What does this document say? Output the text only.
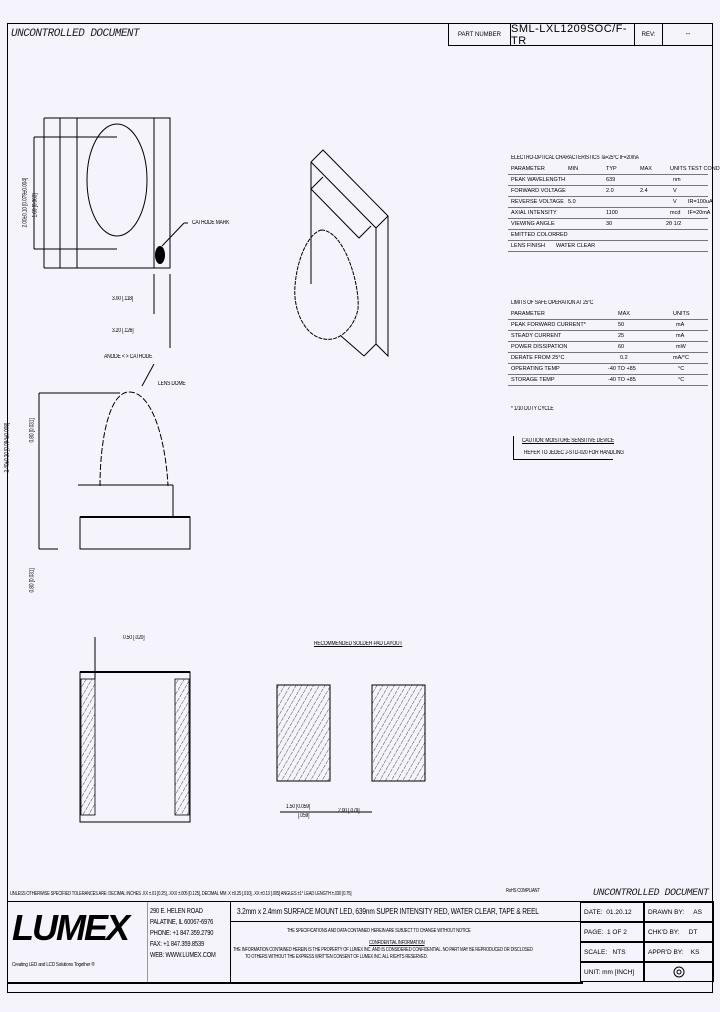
UNCONTROLLED DOCUMENT	PART NUMBER SML-LXL1209SOC/F-TR	REV:	--
CATHODE MARK
3.00 [.118]
3.20 [.126]
ANODE < > CATHODE
2.00±0.10 [0.079±0.004] 1.60 [0.063]
LENS DOME
2.40±0.20 [0.094±0.008]	0.80 [0.031]
0.80 [0.031]
0.50 [.020]
RECOMMENDED SOLDER PAD LAYOUT
1.50 [0.059]
[.059]
2.00 [.079]
ELECTRO-OPTICAL CHARACTERISTICS Ta=25°C IF=20mA
PARAMETER	MIN	TYP	MAX	UNITS TEST COND
PEAK WAVELENGTH	639	nm
FORWARD VOLTAGE	2.0	2.4	V
REVERSE VOLTAGE 5.0	V IR=100uA
AXIAL INTENSITY	1100	mcd IF=20mA
VIEWING ANGLE	30	2θ 1/2
EMITTED COLOR RED
LENS FINISH WATER CLEAR
LIMITS OF SAFE OPERATION AT 25°C
PARAMETER	MAX	UNITS
PEAK FORWARD CURRENT*	50	mA
STEADY CURRENT	25	mA
POWER DISSIPATION	60	mW
DERATE FROM 25°C	0.2	mA/°C
OPERATING TEMP	-40 TO +85	°C
STORAGE TEMP	-40 TO +85	°C
* 1/10 DUTY CYCLE
CAUTION: MOISTURE SENSITIVE DEVICE
REFER TO JEDEC J-STD-020 FOR HANDLING
UNLESS OTHERWISE SPECIFIED TOLERANCES ARE: DECIMAL INCHES .XX ±.01 [0.25], .XXX ±.005 [0.125], DECIMAL MM .X ±0.25 [.010], .XX ±0.13 [.005] ANGLES ±1° LEAD LENGTH ±.030 [0.75]	RoHS COMPLIANT	UNCONTROLLED DOCUMENT
LUMEX
Creating LED and LCD Solutions Together ®
290 E. HELEN ROAD
PALATINE, IL 60067-6976
PHONE: +1 847.359.2790
FAX: +1 847.359.8539
WEB: WWW.LUMEX.COM
3.2mm x 2.4mm SURFACE MOUNT LED, 639nm SUPER INTENSITY RED, WATER CLEAR, TAPE & REEL
THE SPECIFICATIONS AND DATA CONTAINED HEREIN ARE SUBJECT TO CHANGE WITHOUT NOTICE
CONFIDENTIAL INFORMATION
THE INFORMATION CONTAINED HEREIN IS THE PROPERTY OF LUMEX INC. AND IS CONSIDERED CONFIDENTIAL. NO PART MAY BE REPRODUCED OR DISCLOSED
TO OTHERS WITHOUT THE EXPRESS WRITTEN CONSENT OF LUMEX INC. ALL RIGHTS RESERVED.
DATE:
01.20.12	DRAWN BY:
AS
PAGE:
1 OF 2	CHK'D BY:
DT
SCALE:
NTS	APPR'D BY:
KS
UNIT:
mm [INCH]
